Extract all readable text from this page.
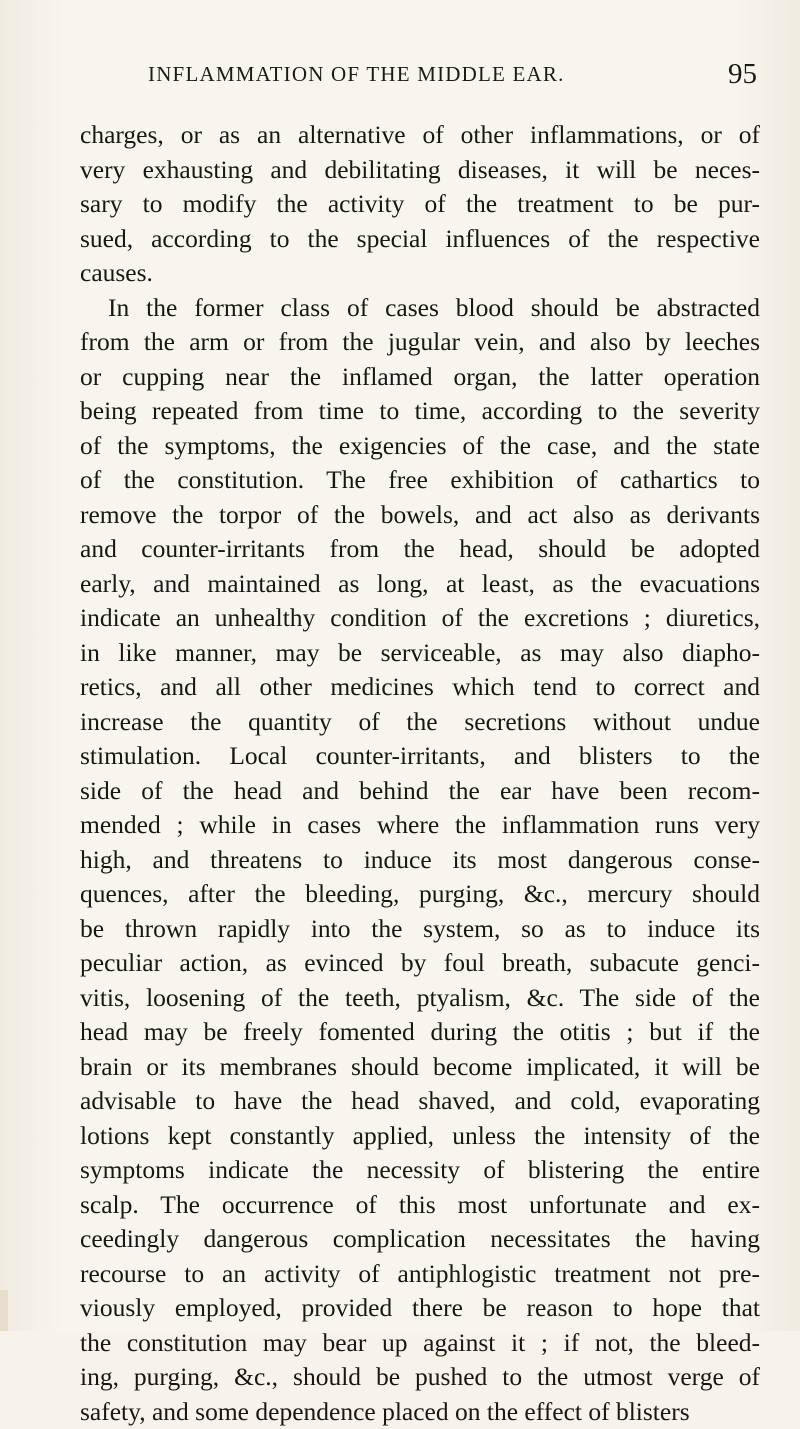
INFLAMMATION OF THE MIDDLE EAR.	95
charges, or as an alternative of other inflammations, or of
very exhausting and debilitating diseases, it will be neces-
sary to modify the activity of the treatment to be pur-
sued, according to the special influences of the respective
causes.
In the former class of cases blood should be abstracted
from the arm or from the jugular vein, and also by leeches
or cupping near the inflamed organ, the latter operation
being repeated from time to time, according to the severity
of the symptoms, the exigencies of the case, and the state
of the constitution. The free exhibition of cathartics to
remove the torpor of the bowels, and act also as derivants
and counter-irritants from the head, should be adopted
early, and maintained as long, at least, as the evacuations
indicate an unhealthy condition of the excretions ; diuretics,
in like manner, may be serviceable, as may also diapho-
retics, and all other medicines which tend to correct and
increase the quantity of the secretions without undue
stimulation. Local counter-irritants, and blisters to the
side of the head and behind the ear have been recom-
mended ; while in cases where the inflammation runs very
high, and threatens to induce its most dangerous conse-
quences, after the bleeding, purging, &c., mercury should
be thrown rapidly into the system, so as to induce its
peculiar action, as evinced by foul breath, subacute genci-
vitis, loosening of the teeth, ptyalism, &c. The side of the
head may be freely fomented during the otitis ; but if the
brain or its membranes should become implicated, it will be
advisable to have the head shaved, and cold, evaporating
lotions kept constantly applied, unless the intensity of the
symptoms indicate the necessity of blistering the entire
scalp. The occurrence of this most unfortunate and ex-
ceedingly dangerous complication necessitates the having
recourse to an activity of antiphlogistic treatment not pre-
viously employed, provided there be reason to hope that
the constitution may bear up against it ; if not, the bleed-
ing, purging, &c., should be pushed to the utmost verge of
safety, and some dependence placed on the effect of blisters
